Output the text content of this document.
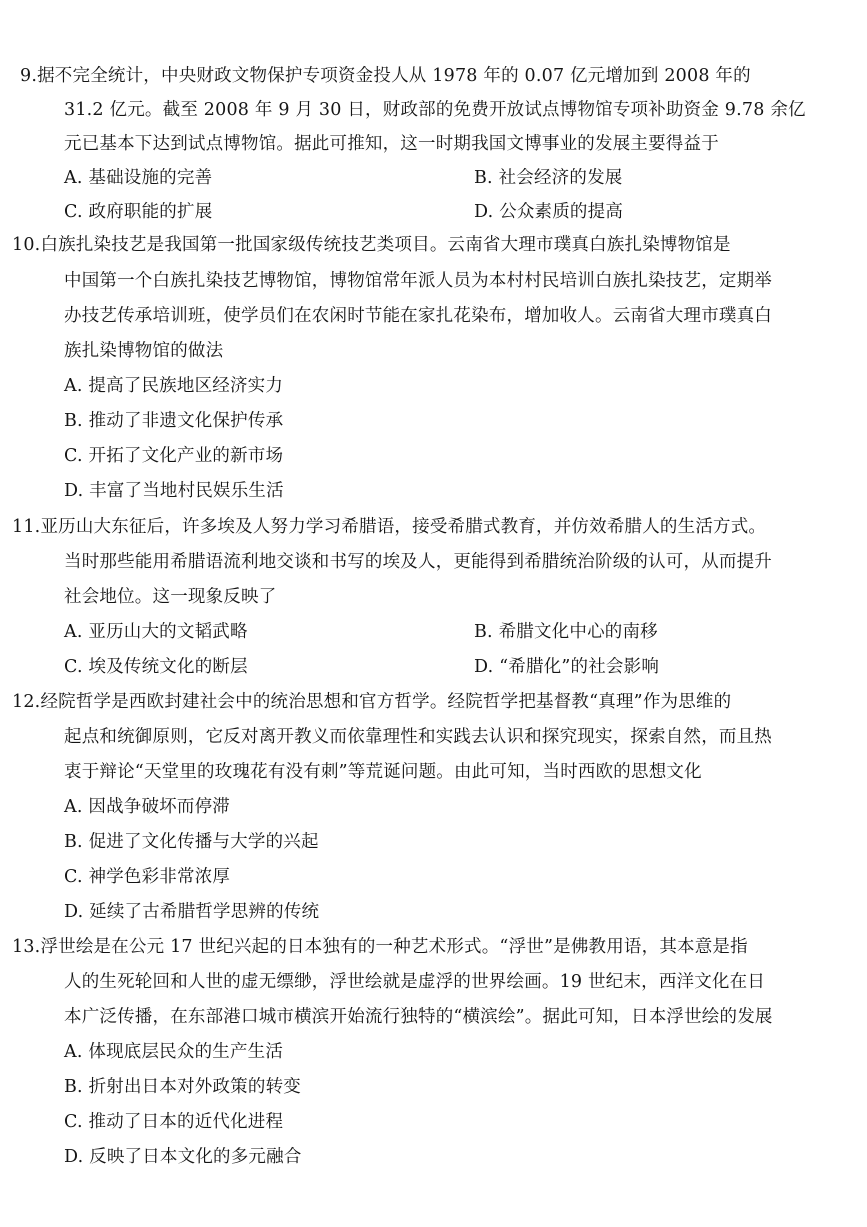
9.据不完全统计，中央财政文物保护专项资金投人从 1978 年的 0.07 亿元增加到 2008 年的
31.2 亿元。截至 2008 年 9 月 30 日，财政部的免费开放试点博物馆专项补助资金 9.78 余亿
元已基本下达到试点博物馆。据此可推知，这一时期我国文博事业的发展主要得益于
A. 基础设施的完善	B. 社会经济的发展
C. 政府职能的扩展	D. 公众素质的提高
10.白族扎染技艺是我国第一批国家级传统技艺类项目。云南省大理市璞真白族扎染博物馆是
中国第一个白族扎染技艺博物馆，博物馆常年派人员为本村村民培训白族扎染技艺，定期举
办技艺传承培训班，使学员们在农闲时节能在家扎花染布，增加收人。云南省大理市璞真白
族扎染博物馆的做法
A. 提高了民族地区经济实力
B. 推动了非遗文化保护传承
C. 开拓了文化产业的新市场
D. 丰富了当地村民娱乐生活
11.亚历山大东征后，许多埃及人努力学习希腊语，接受希腊式教育，并仿效希腊人的生活方式。
当时那些能用希腊语流利地交谈和书写的埃及人，更能得到希腊统治阶级的认可，从而提升
社会地位。这一现象反映了
A. 亚历山大的文韬武略	B. 希腊文化中心的南移
C. 埃及传统文化的断层	D. “希腊化”的社会影响
12.经院哲学是西欧封建社会中的统治思想和官方哲学。经院哲学把基督教“真理”作为思维的
起点和统御原则，它反对离开教义而依靠理性和实践去认识和探究现实，探索自然，而且热
衷于辩论“天堂里的玫瑰花有没有刺”等荒诞问题。由此可知，当时西欧的思想文化
A. 因战争破坏而停滞
B. 促进了文化传播与大学的兴起
C. 神学色彩非常浓厚
D. 延续了古希腊哲学思辨的传统
13.浮世绘是在公元 17 世纪兴起的日本独有的一种艺术形式。“浮世”是佛教用语，其本意是指
人的生死轮回和人世的虚无缥缈，浮世绘就是虚浮的世界绘画。19 世纪末，西洋文化在日
本广泛传播，在东部港口城市横滨开始流行独特的“横滨绘”。据此可知，日本浮世绘的发展
A. 体现底层民众的生产生活
B. 折射出日本对外政策的转变
C. 推动了日本的近代化进程
D. 反映了日本文化的多元融合
